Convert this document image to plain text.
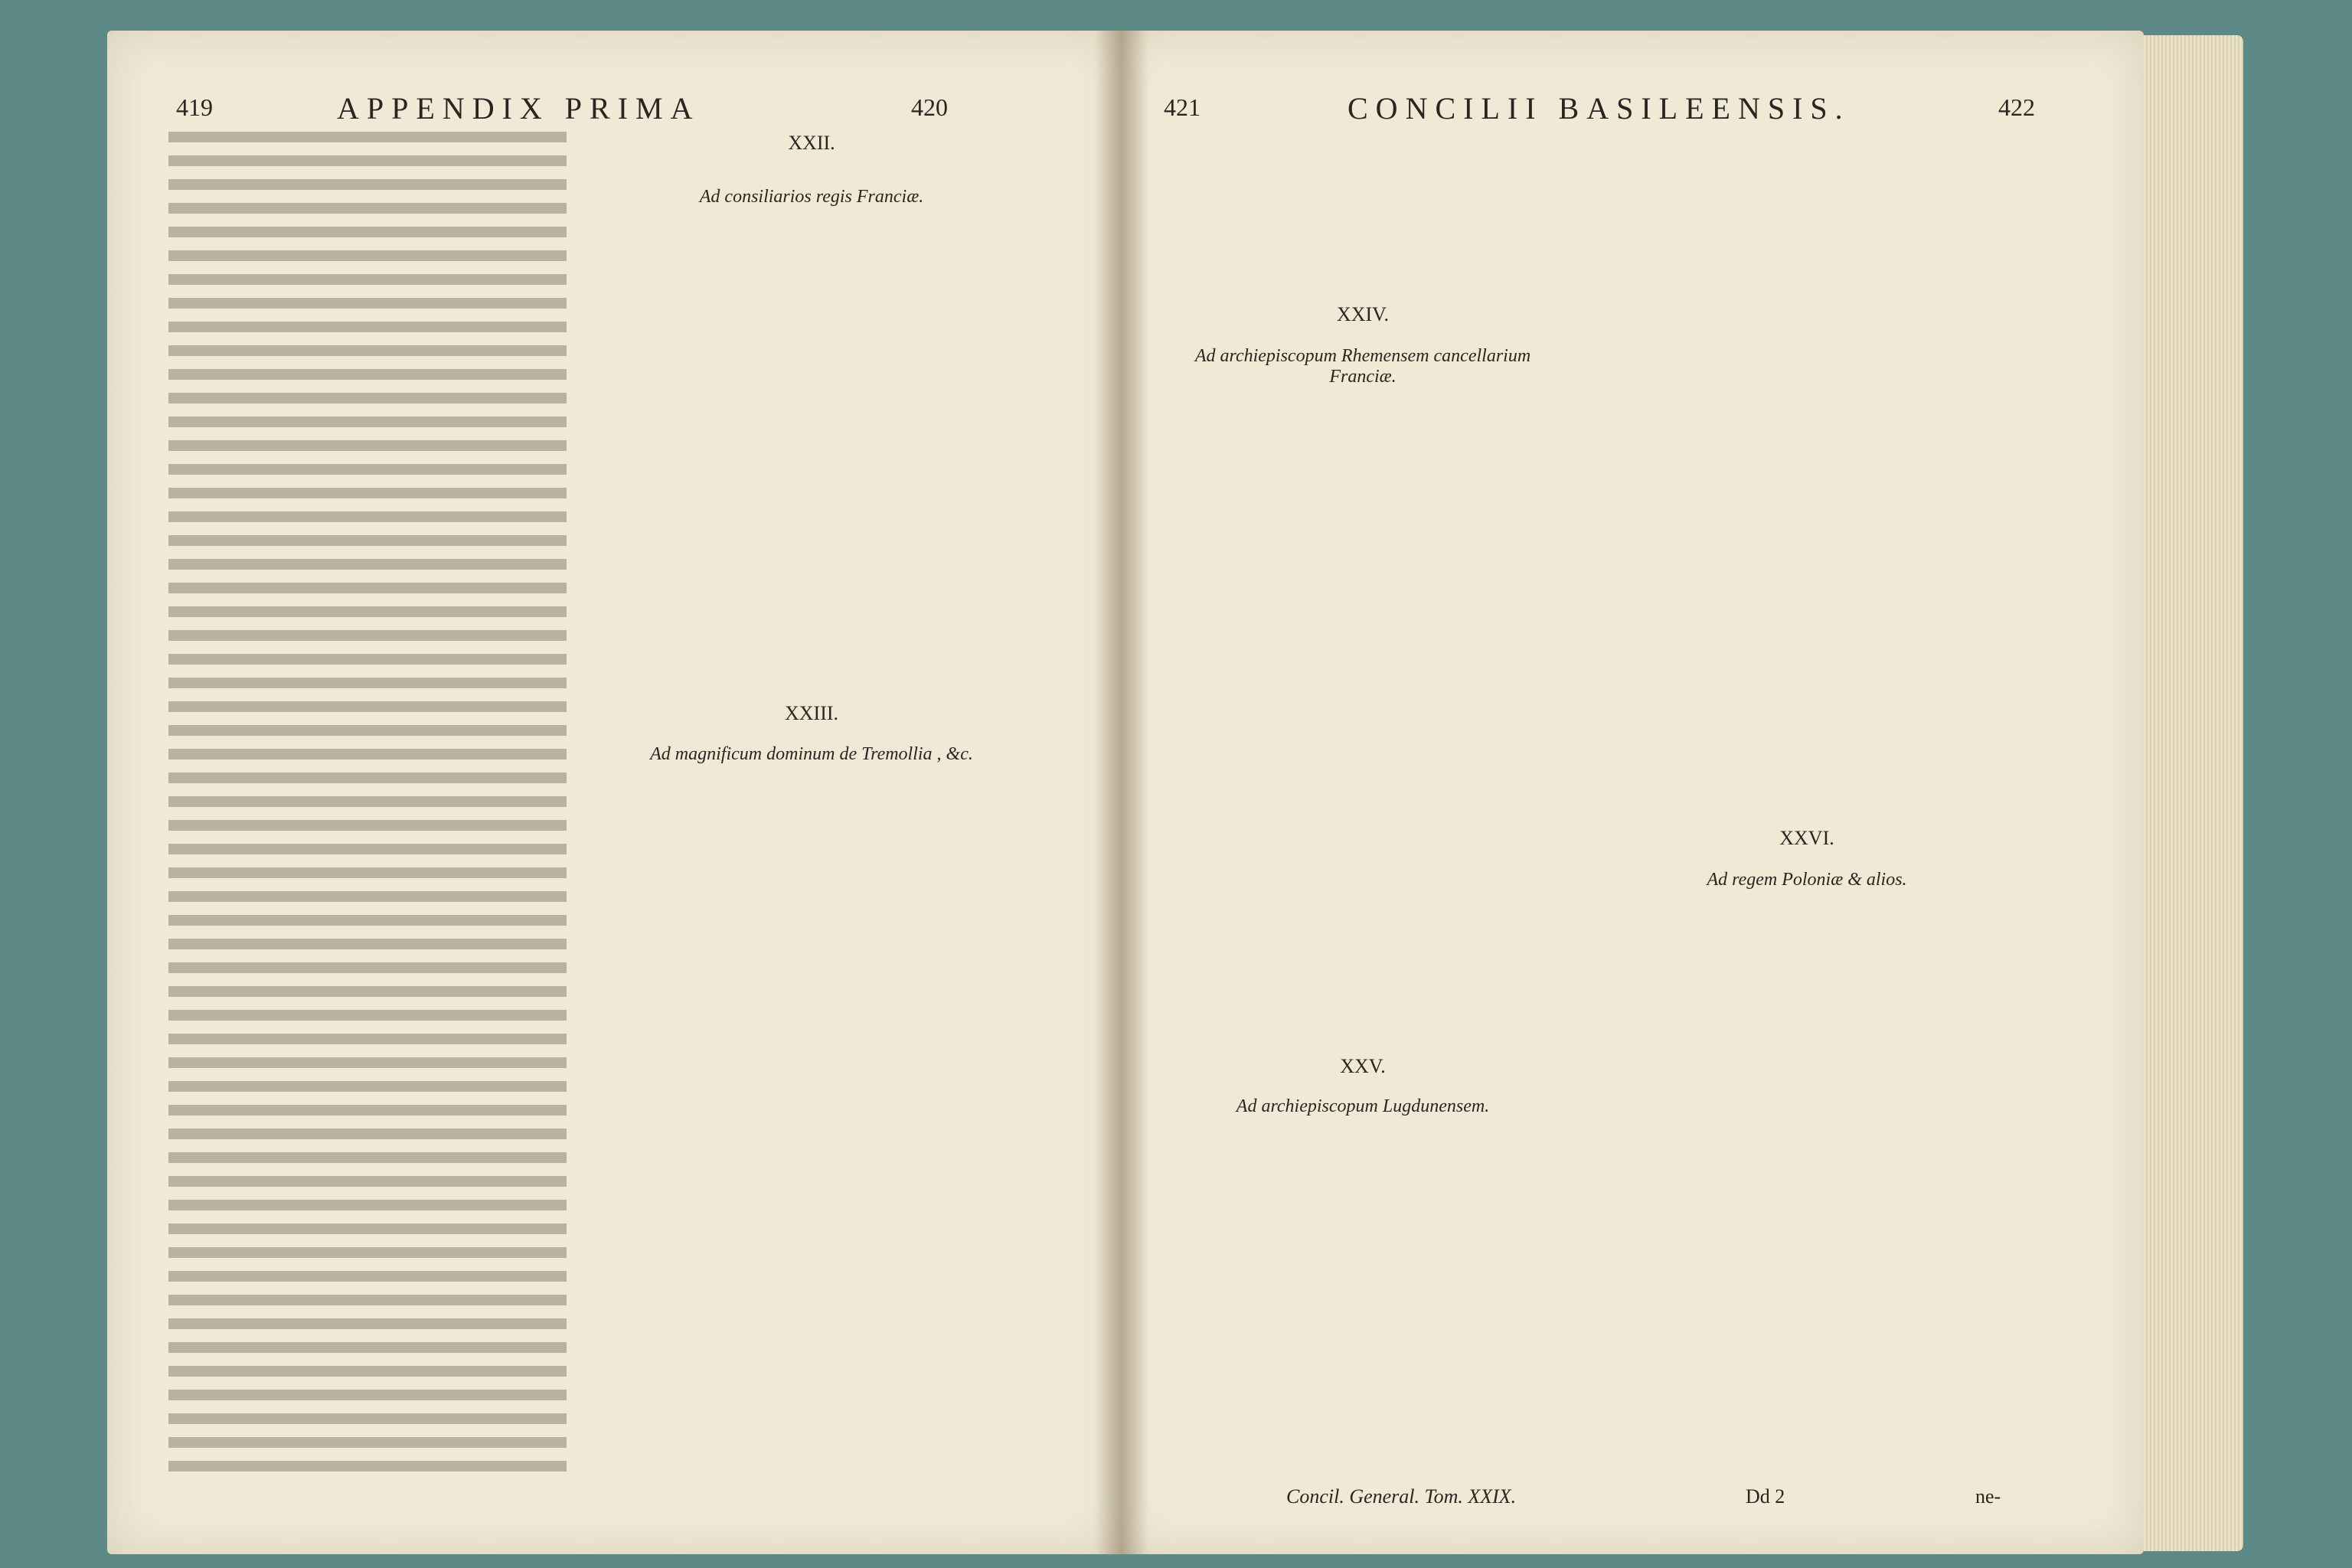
419	APPENDIX PRIMA	420
XXII.
Ad consiliarios regis Franciæ.
XXIII.
Ad magnificum dominum de Tremollia , &c.
421	CONCILII BASILEENSIS.	422
XXIV.
Ad archiepiscopum Rhemensem cancellarium Franciæ.
XXV.
Ad archiepiscopum Lugdunensem.
XXVI.
Ad regem Poloniæ & alios.
Concil. General. Tom. XXIX.	Dd 2	ne-
